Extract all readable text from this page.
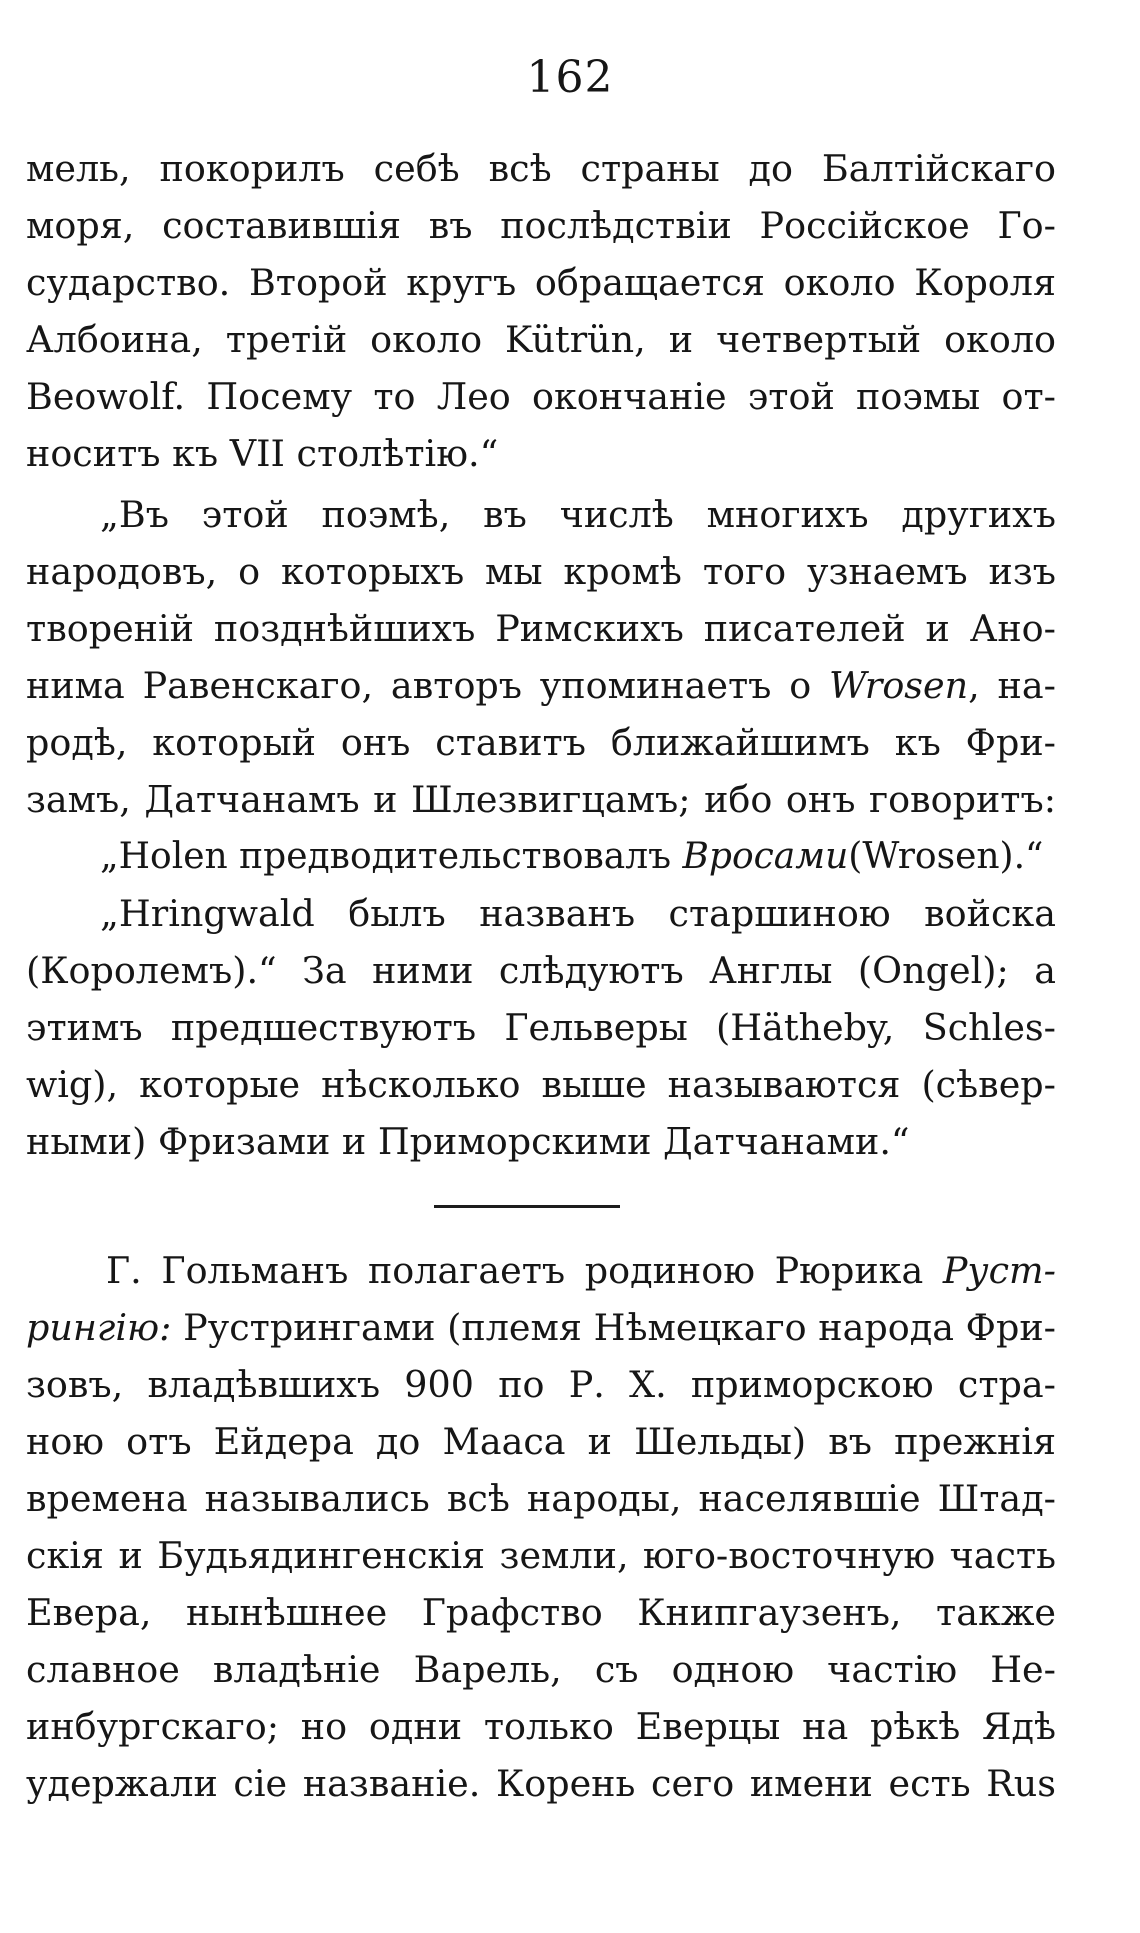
162
мель, покорилъ себѣ всѣ страны до Балтійскаго
моря, составившія въ послѣдствіи Россійское Го-
сударство. Второй кругъ обращается около Короля
Албоина, третій около Kütrün, и четвертый около
Beowolf. Посему то Лео окончаніе этой поэмы от-
носитъ къ VII столѣтію.“
„Въ этой поэмѣ, въ числѣ многихъ другихъ
народовъ, о которыхъ мы кромѣ того узнаемъ изъ
твореній позднѣйшихъ Римскихъ писателей и Ано-
нима Равенскаго, авторъ упоминаетъ о Wrosen, на-
родѣ, который онъ ставитъ ближайшимъ къ Фри-
замъ, Датчанамъ и Шлезвигцамъ; ибо онъ говоритъ:
„Holen предводительствовалъ Вросами(Wrosen).“
„Hringwald былъ названъ старшиною войска
(Королемъ).“ За ними слѣдуютъ Англы (Ongel); а
этимъ предшествуютъ Гельверы (Hätheby, Schles-
wig), которые нѣсколько выше называются (сѣвер-
ными) Фризами и Приморскими Датчанами.“
Г. Гольманъ полагаетъ родиною Рюрика Руст-
рингію: Рустрингами (племя Нѣмецкаго народа Фри-
зовъ, владѣвшихъ 900 по Р. Х. приморскою стра-
ною отъ Ейдера до Мааса и Шельды) въ прежнія
времена назывались всѣ народы, населявшіе Штад-
скія и Будьядингенскія земли, юго-восточную часть
Евера, нынѣшнее Графство Книпгаузенъ, также
славное владѣніе Варель, съ одною частію Не-
инбургскаго; но одни только Еверцы на рѣкѣ Ядѣ
удержали сіе названіе. Корень сего имени есть Rus
